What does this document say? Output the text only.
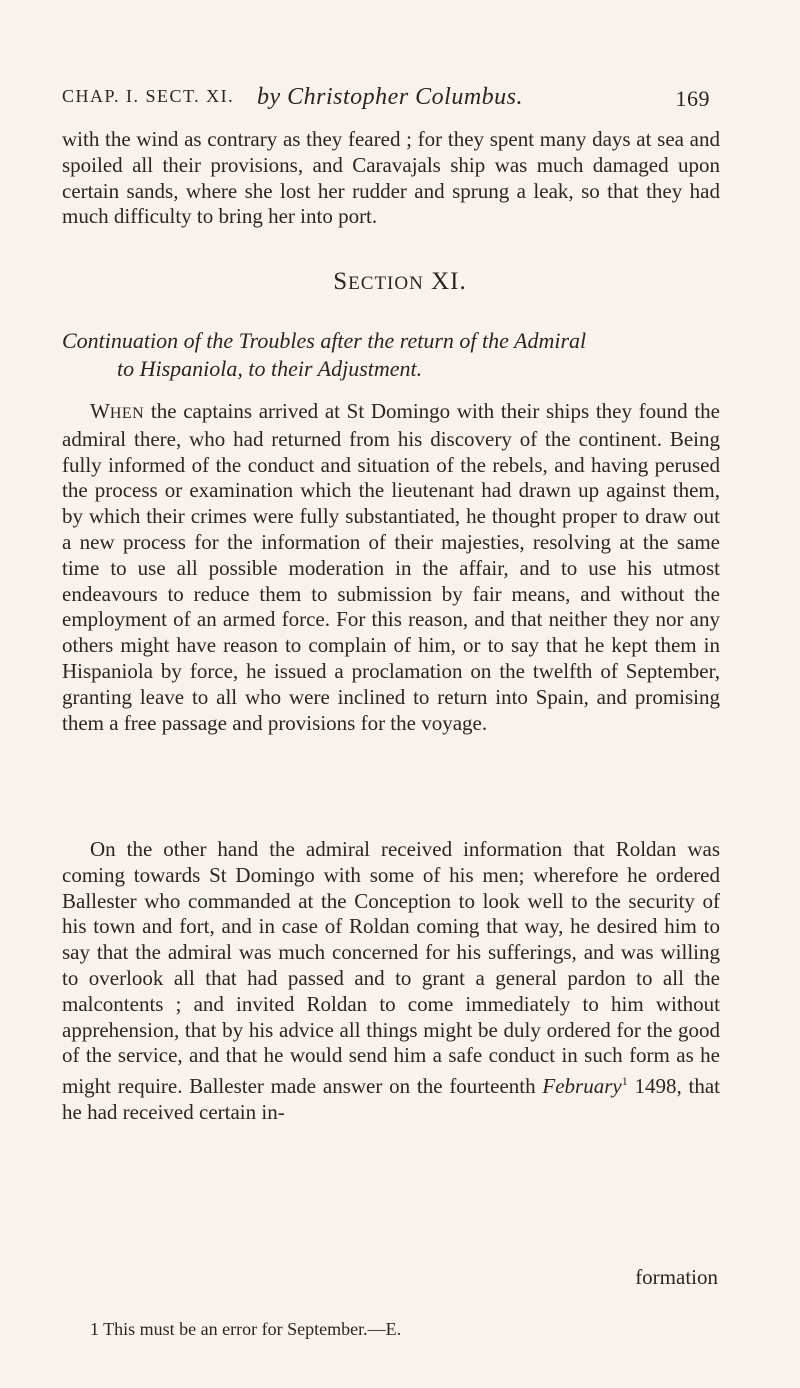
CHAP. I. SECT. XI. by Christopher Columbus.	169
with the wind as contrary as they feared ; for they spent many days at sea and spoiled all their provisions, and Caravajals ship was much damaged upon certain sands, where she lost her rudder and sprung a leak, so that they had much difficulty to bring her into port.
SECTION XI.
Continuation of the Troubles after the return of the Admiral
to Hispaniola, to their Adjustment.
WHEN the captains arrived at St Domingo with their ships they found the admiral there, who had returned from his discovery of the continent. Being fully informed of the conduct and situation of the rebels, and having perused the process or examination which the lieutenant had drawn up against them, by which their crimes were fully substantiated, he thought proper to draw out a new process for the information of their majesties, resolving at the same time to use all possible moderation in the affair, and to use his utmost endeavours to reduce them to submission by fair means, and without the employment of an armed force. For this reason, and that neither they nor any others might have reason to complain of him, or to say that he kept them in Hispaniola by force, he issued a proclamation on the twelfth of September, granting leave to all who were inclined to return into Spain, and promising them a free passage and provisions for the voyage.
On the other hand the admiral received information that Roldan was coming towards St Domingo with some of his men; wherefore he ordered Ballester who commanded at the Conception to look well to the security of his town and fort, and in case of Roldan coming that way, he desired him to say that the admiral was much concerned for his sufferings, and was willing to overlook all that had passed and to grant a general pardon to all the malcontents ; and invited Roldan to come immediately to him without apprehension, that by his advice all things might be duly ordered for the good of the service, and that he would send him a safe conduct in such form as he might require. Ballester made answer on the fourteenth February$^1$ 1498, that he had received certain in-
formation
1 This must be an error for September.—E.
